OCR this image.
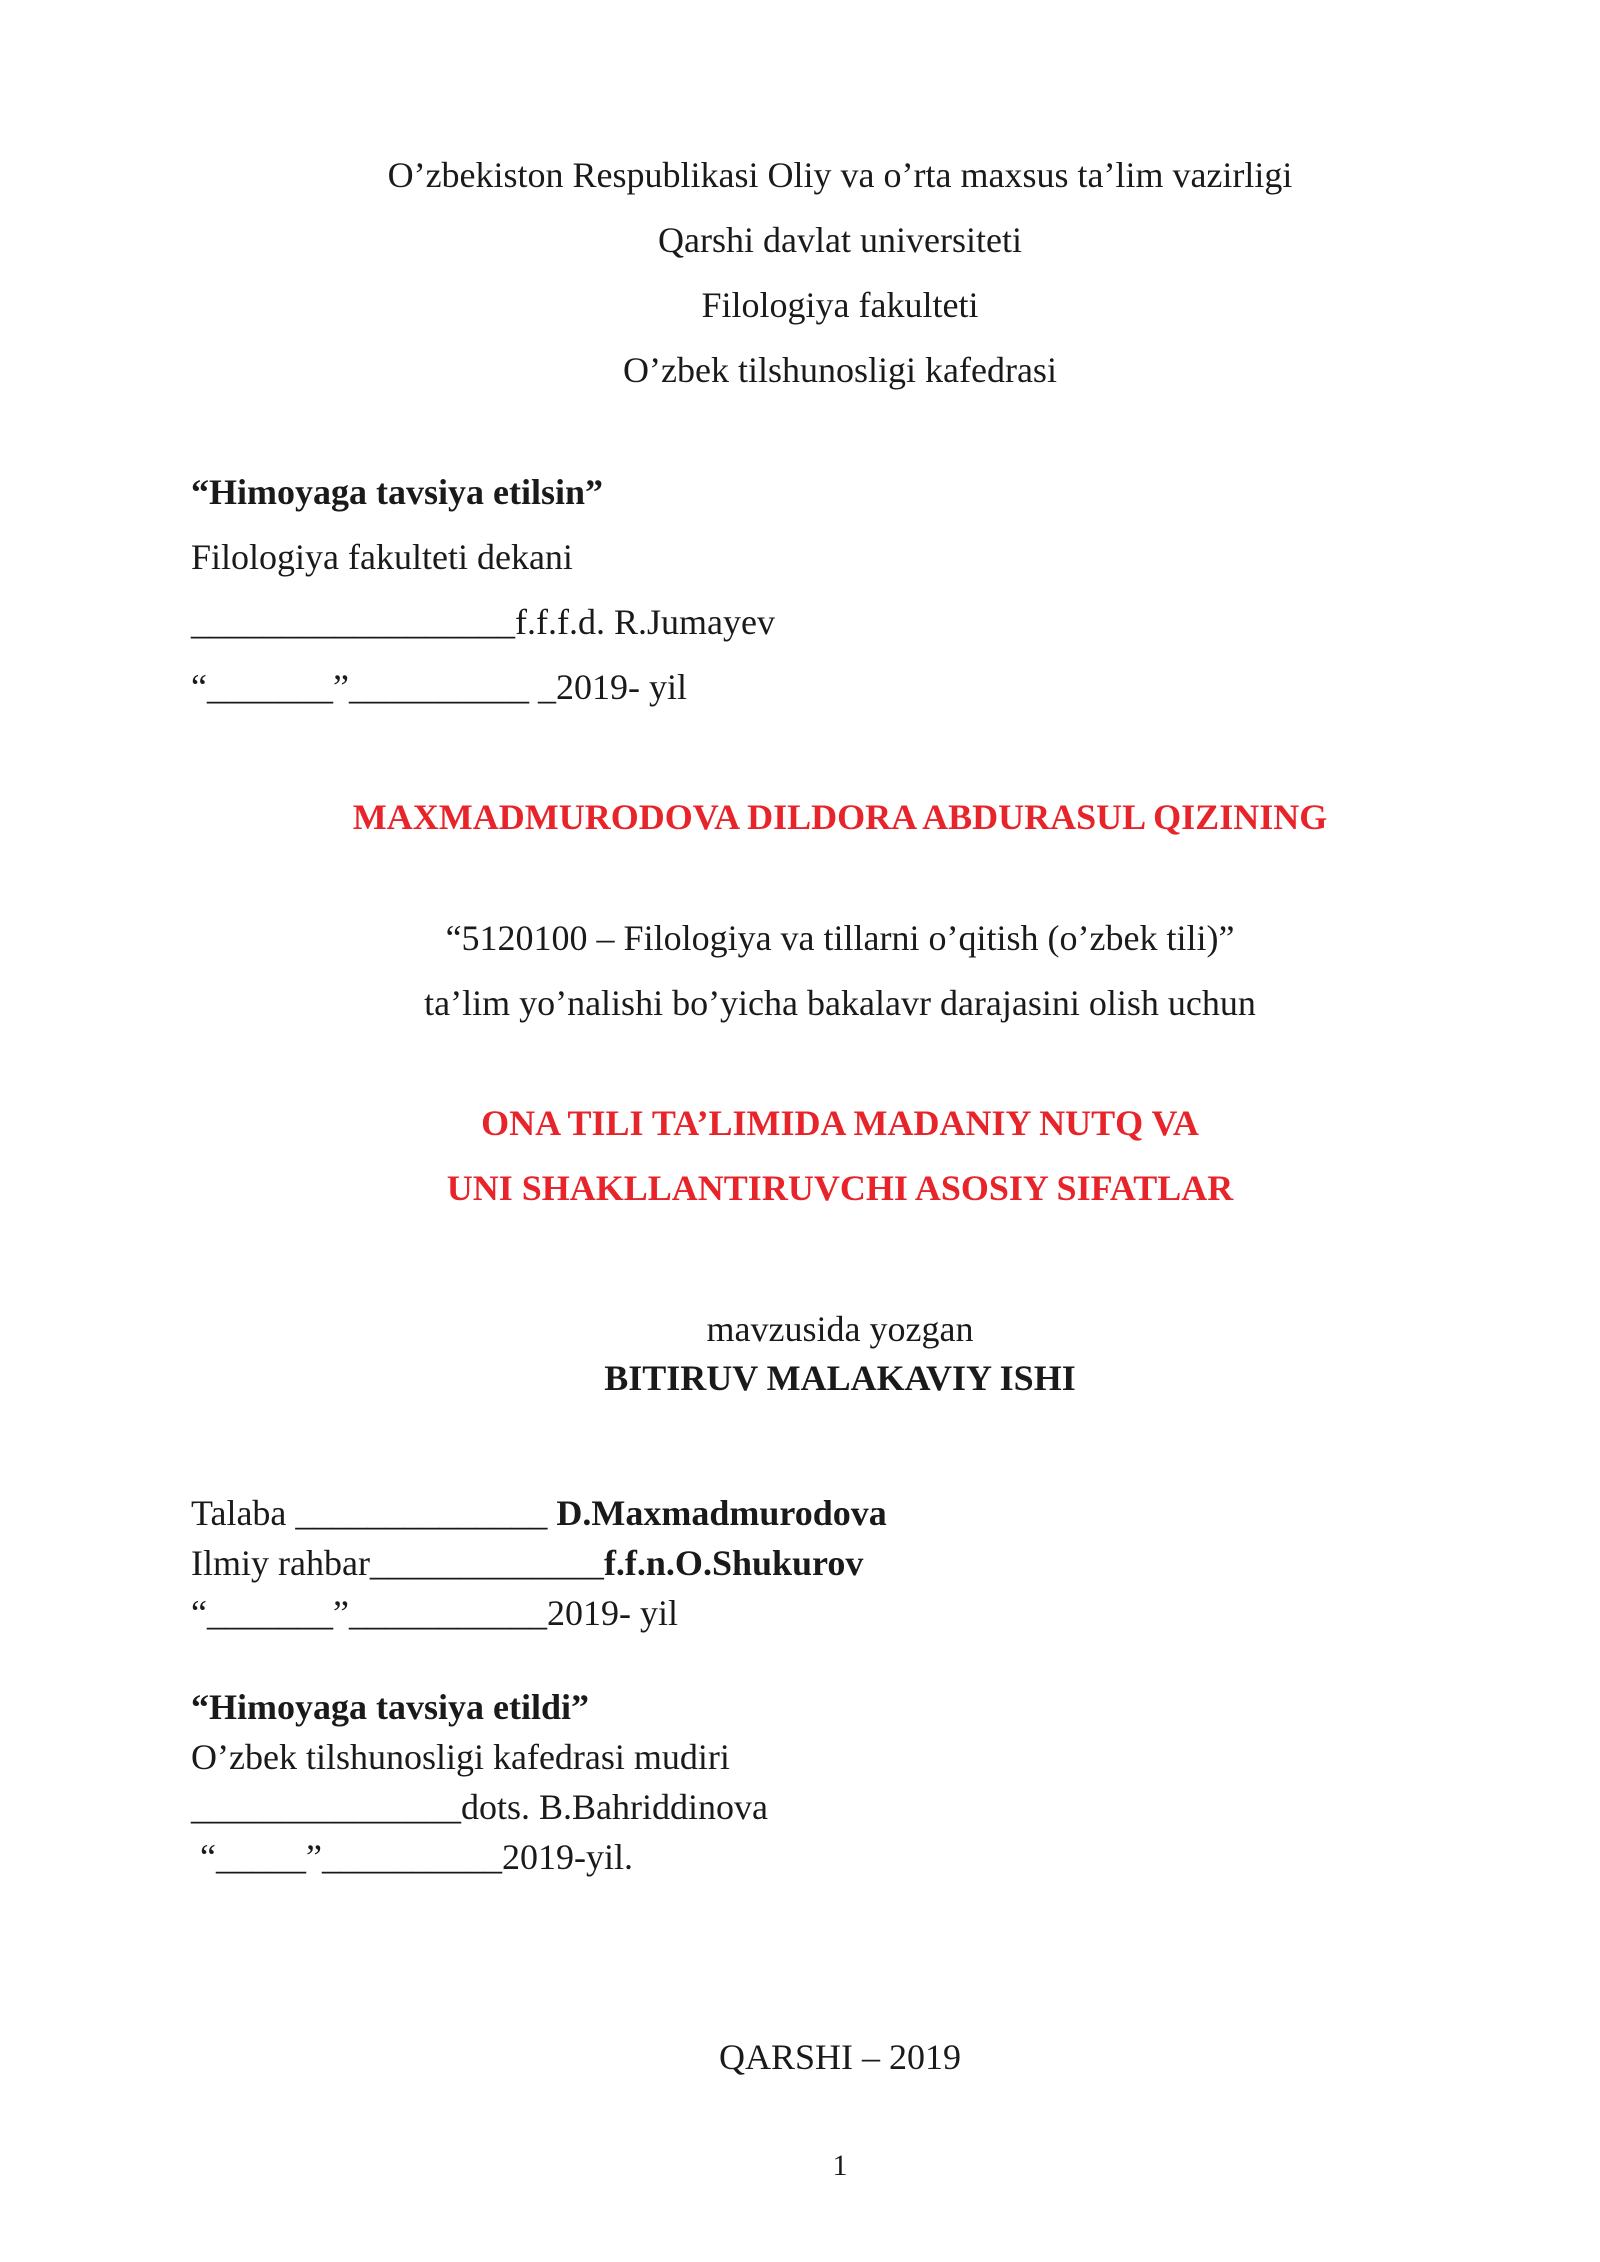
O’zbekiston Respublikasi Oliy va o’rta maxsus ta’lim vazirligi
Qarshi davlat universiteti
Filologiya fakulteti
O’zbek tilshunosligi kafedrasi
“Himoyaga tavsiya etilsin”
Filologiya fakulteti dekani
__________________f.f.f.d. R.Jumayev
“_______”__________ _2019- yil
MAXMADMURODOVA DILDORA ABDURASUL QIZINING
“5120100 – Filologiya va tillarni o’qitish (o’zbek tili)”
ta’lim yo’nalishi bo’yicha bakalavr darajasini olish uchun
ONA TILI TA’LIMIDA MADANIY NUTQ VA
UNI SHAKLLANTIRUVCHI ASOSIY SIFATLAR
mavzusida yozgan
BITIRUV MALAKAVIY ISHI
Talaba ______________ D.Maxmadmurodova
Ilmiy rahbar_____________f.f.n.O.Shukurov
“_______”___________2019- yil
“Himoyaga tavsiya etildi”
O’zbek tilshunosligi kafedrasi mudiri
_______________dots. B.Bahriddinova
“_____”__________2019-yil.
QARSHI – 2019
1
